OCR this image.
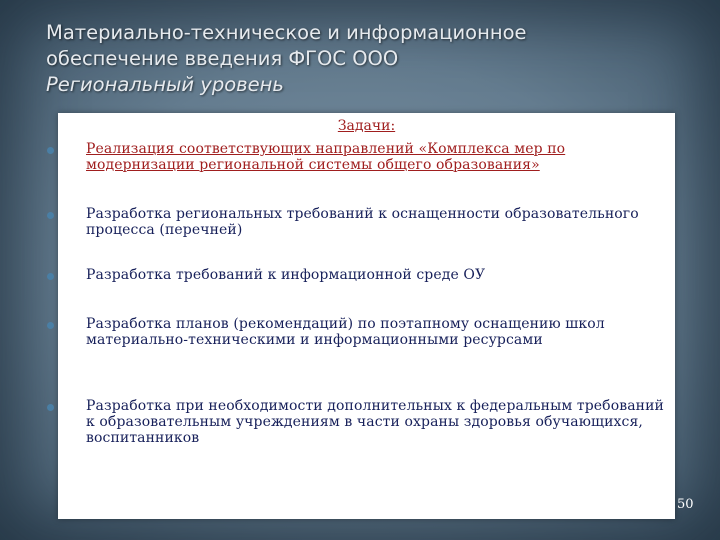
Материально-техническое и информационное
обеспечение введения ФГОС ООО
Региональный уровень
Задачи:
Реализация соответствующих направлений «Комплекса мер по модернизации региональной системы общего образования»
Разработка региональных требований к оснащенности образовательного процесса (перечней)
Разработка требований к информационной среде ОУ
Разработка планов (рекомендаций) по поэтапному оснащению школ материально-техническими и информационными ресурсами
Разработка при необходимости дополнительных к федеральным требований к образовательным учреждениям в части охраны здоровья обучающихся, воспитанников
50
